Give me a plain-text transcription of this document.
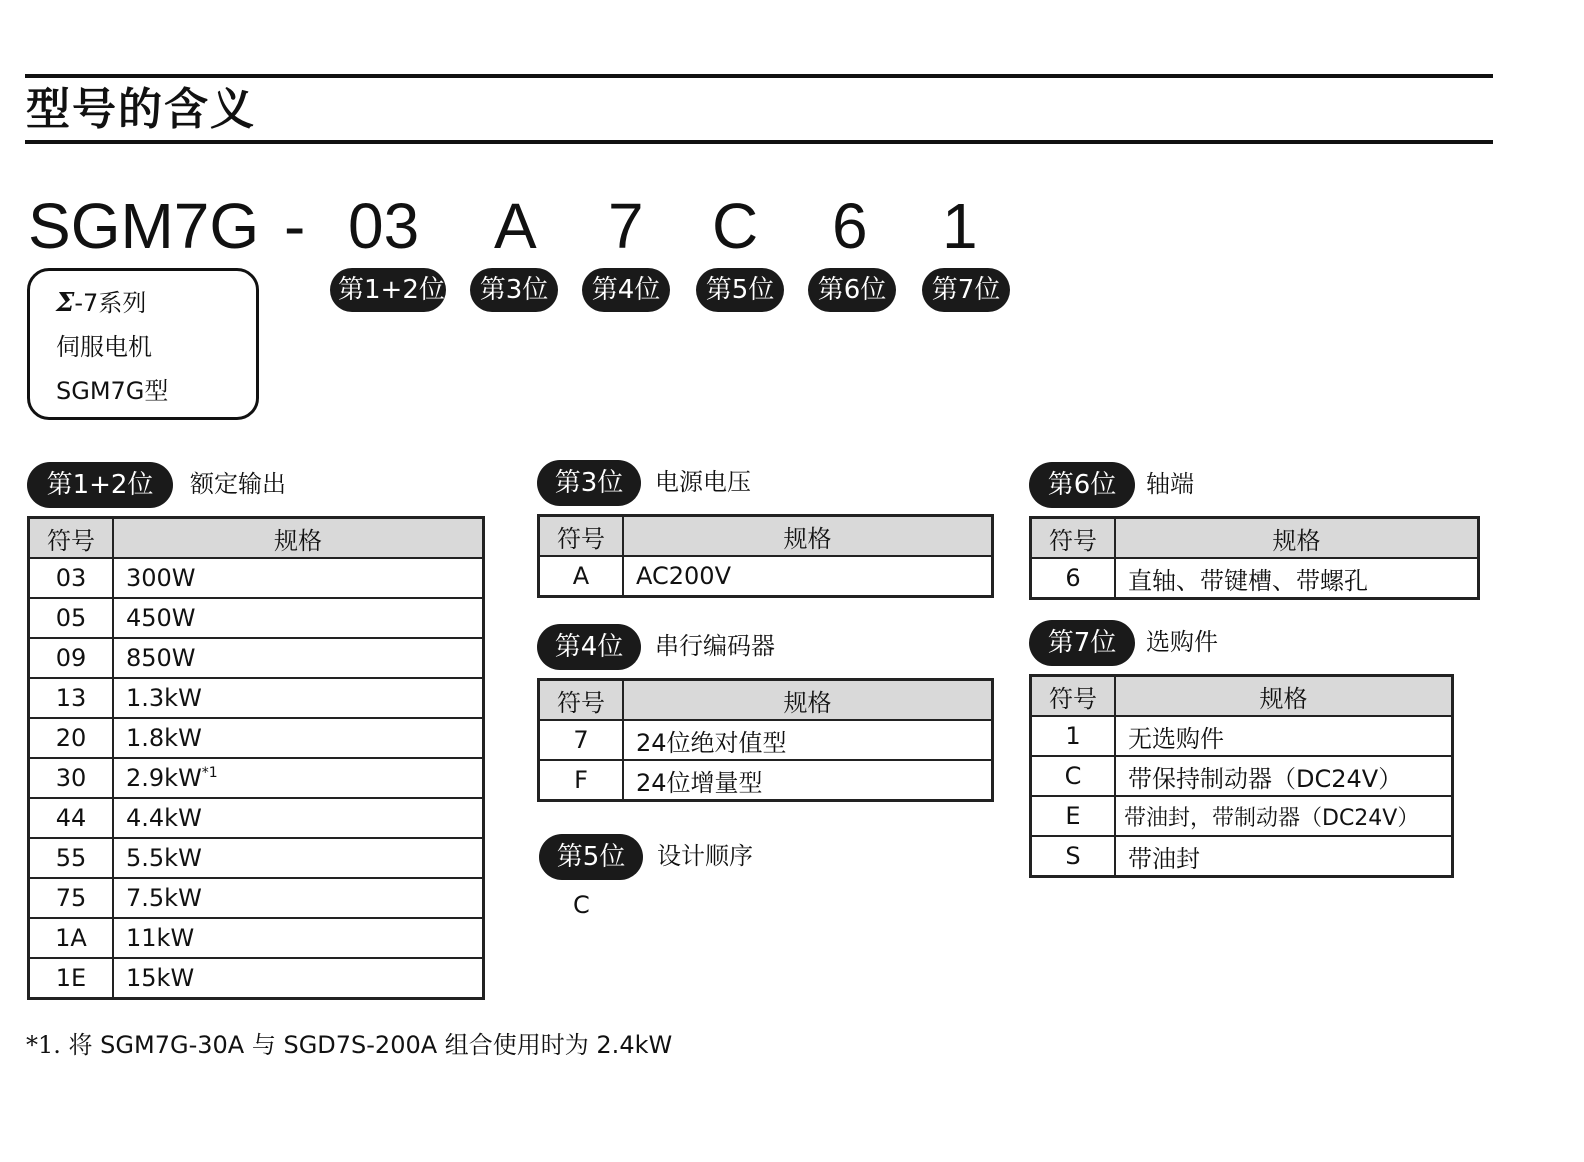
型号的含义
SGM7G - 03 A 7 C 6 1
第1+2位	第3位	第4位	第5位	第6位	第7位
Σ-7系列
伺服电机
SGM7G型
第1+2位	额定输出
符号	规格
03	300W
05	450W
09	850W
13	1.3kW
20	1.8kW
30	$2.9kW^{*1}$
44	4.4kW
55	5.5kW
75	7.5kW
1A	11kW
1E	15kW
第3位	电源电压
符号	规格
A	AC200V
第4位	串行编码器
符号	规格
7	24位绝对值型
F	24位增量型
第5位	设计顺序
C
第6位	轴端
符号	规格
6	直轴、带键槽、带螺孔
第7位	选购件
符号	规格
1	无选购件
C	带保持制动器（DC24V）
E	带油封，带制动器（DC24V）
S	带油封
*1. 将 SGM7G-30A 与 SGD7S-200A 组合使用时为 2.4kW
